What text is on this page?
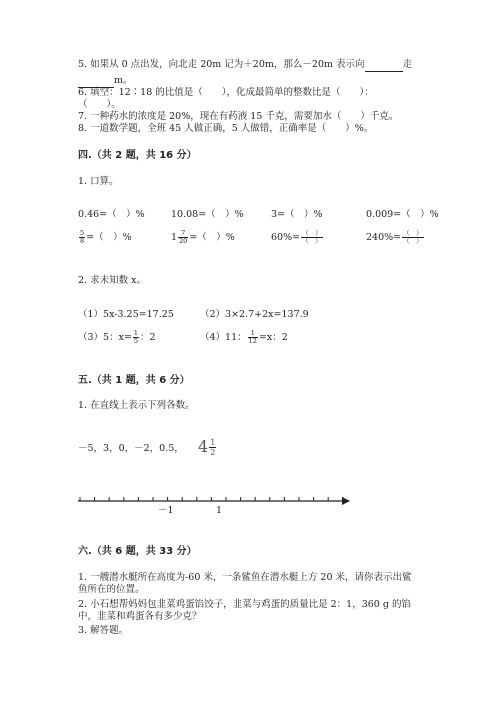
5. 如果从 0 点出发，向北走 20m 记为＋20m，那么－20m 表示向	走
m。
6. 填空：12∶18 的比值是（　　），化成最简单的整数比是（　　）：
（　　）。
7. 一种药水的浓度是 20%，现在有药液 15 千克，需要加水（　　）千克。
8. 一道数学题，全班 45 人做正确，5 人做错，正确率是（　　）%。
四.（共 2 题，共 16 分）
1. 口算。
0.46=（　）%	10.08=（　）%	3=（　）%	0.009=（　）%
$\frac{5}{8}$ =（　）%	$1 \frac{7}{20}$ =（　）%	$60\%= \frac{( )}{( )}$	$240\%= \frac{( )}{( )}$
2. 求未知数 x。
（1）5x-3.25=17.25	（2）3×2.7+2x=137.9
（3）5：$x= \frac{1}{5}$ ：2	（4）11： $\frac{1}{12} =x$：2
五.（共 1 题，共 6 分）
1. 在直线上表示下列各数。
－5，3，0，－2，0.5， $4 \frac{1}{2}$
－1	1
六.（共 6 题，共 33 分）
1. 一艘潜水艇所在高度为-60 米，一条鲨鱼在潜水艇上方 20 米，请你表示出鲨
鱼所在的位置。
2. 小石想帮妈妈包韭菜鸡蛋馅饺子，韭菜与鸡蛋的质量比是 2：1，360 g 的馅
中，韭菜和鸡蛋各有多少克？
3. 解答题。
